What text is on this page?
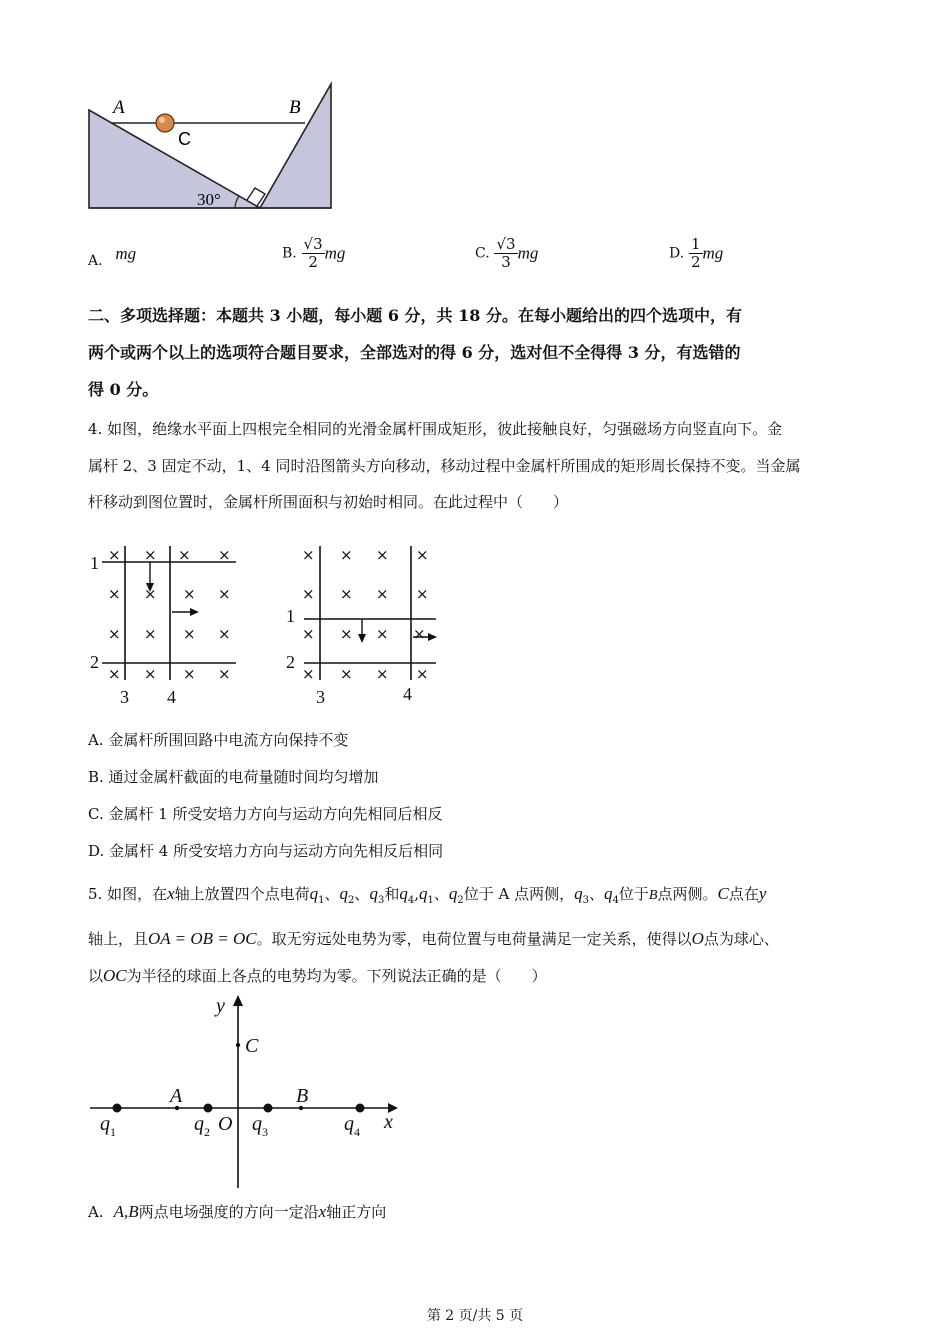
A	B
C
30°
A. mg	B. $\frac{√3}{2}$ mg	C. $\frac{√3}{3}$ mg	D. $\frac{1}{2}$ mg
二、多项选择题：本题共 3 小题，每小题 6 分，共 18 分。在每小题给出的四个选项中，有
两个或两个以上的选项符合题目要求，全部选对的得 6 分，选对但不全得得 3 分，有选错的
得 0 分。
4. 如图，绝缘水平面上四根完全相同的光滑金属杆围成矩形，彼此接触良好，匀强磁场方向竖直向下。金
属杆 2、3 固定不动，1、4 同时沿图箭头方向移动，移动过程中金属杆所围成的矩形周长保持不变。当金属
杆移动到图位置时，金属杆所围面积与初始时相同。在此过程中（　　）
× × × ×
× × × ×
× × × ×
× × × ×
1
2
3 4
× × × ×
× × × ×
× × × ×
× × × ×
1
2
3	4
A. 金属杆所围回路中电流方向保持不变
B. 通过金属杆截面的电荷量随时间均匀增加
C. 金属杆 1 所受安培力方向与运动方向先相同后相反
D. 金属杆 4 所受安培力方向与运动方向先相反后相同
5. 如图，在x轴上放置四个点电荷$q_1$、$q_2$、$q_3$和$q_4,q_1$、$q_2$位于 A 点两侧，$q_3$、$q_4$位于B点两侧。C点在y
轴上，且OA = OB = OC。取无穷远处电势为零，电荷位置与电荷量满足一定关系，使得以O点为球心、
以OC为半径的球面上各点的电势均为零。下列说法正确的是（　　）
y
C
A	B
O	x
q	q q	q
1	2	3	4
A. A,B两点电场强度的方向一定沿x轴正方向
第 2 页/共 5 页
